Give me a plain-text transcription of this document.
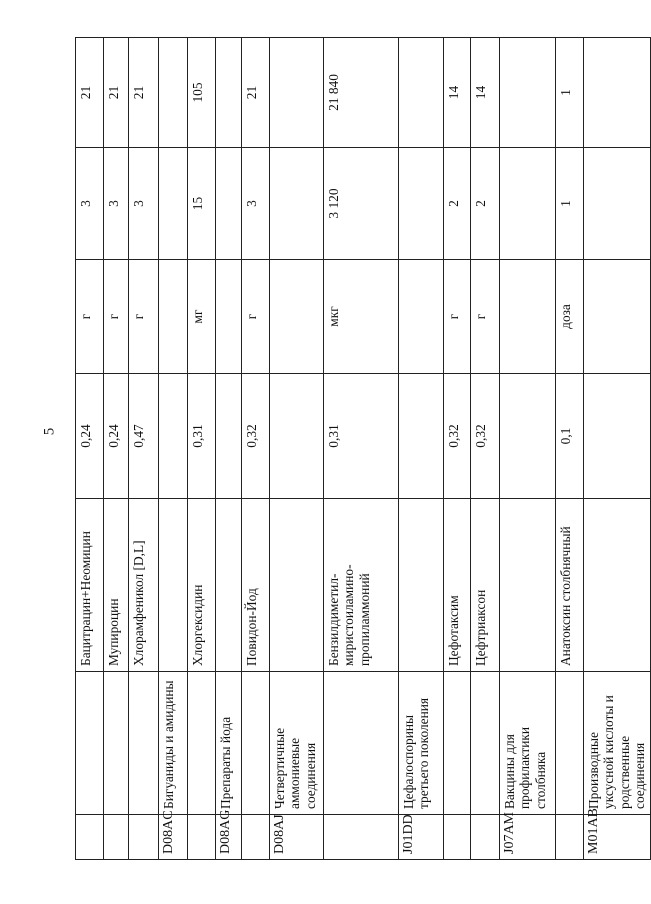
5
		Бацитрацин+Неомицин	0,24	г	3	21
		Мупироцин	0,24	г	3	21
		Хлорамфеникол [D,L]	0,47	г	3	21
D08AC	Бигуаниды и амидины					
		Хлоргексидин	0,31	мг	15	105
D08AG	Препараты йода					
		Повидон-Йод	0,32	г	3	21
D08AJ	Четвертичные аммониевые соединения					
		Бензилдиметил-миристоиламино-пропиламмоний	0,31	мкг	3 120	21 840
J01DD	Цефалоспорины третьего поколения					
		Цефотаксим	0,32	г	2	14
		Цефтриаксон	0,32	г	2	14
J07AM	Вакцины для профилактики столбняка					
		Анатоксин столбнячный	0,1	доза	1	1
M01AB	Производные уксусной кислоты и родственные соединения					
